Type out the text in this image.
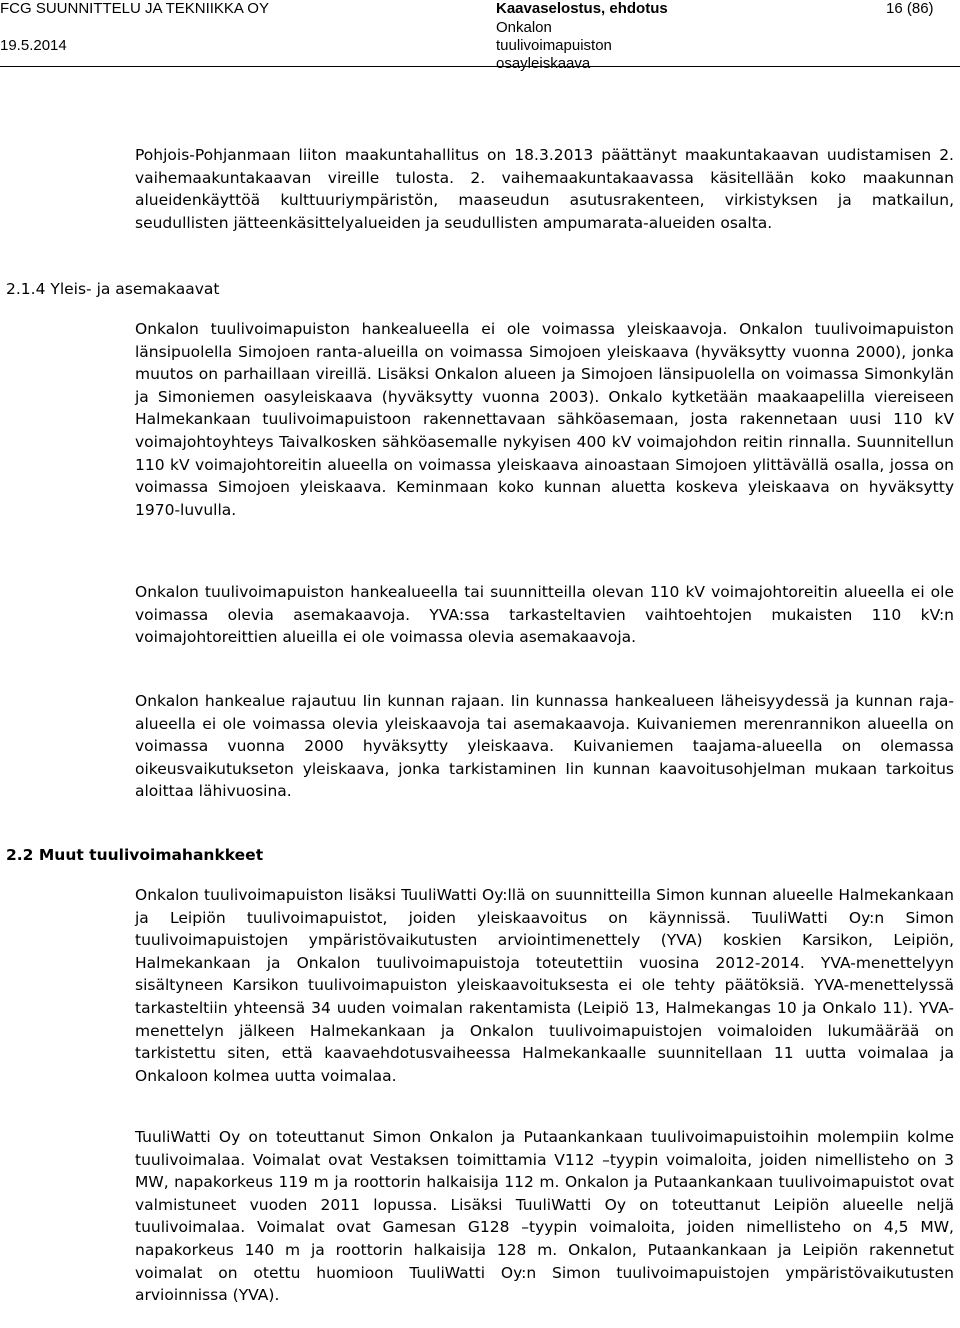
FCG SUUNNITTELU JA TEKNIIKKA OY
19.5.2014
Kaavaselostus, ehdotus
Onkalon
tuulivoimapuiston
osayleiskaava
16 (86)

Pohjois-Pohjanmaan liiton maakuntahallitus on 18.3.2013 päättänyt maakuntakaavan uudistamisen 2. vaihemaakuntakaavan vireille tulosta. 2. vaihemaakuntakaavassa käsitellään koko maakunnan alueidenkäyttöä kulttuuriympäristön, maaseudun asutusrakenteen, virkistyksen ja matkailun, seudullisten jätteenkäsittelyalueiden ja seudullisten ampumarata-alueiden osalta.

2.1.4 Yleis- ja asemakaavat

Onkalon tuulivoimapuiston hankealueella ei ole voimassa yleiskaavoja. Onkalon tuulivoimapuiston länsipuolella Simojoen ranta-alueilla on voimassa Simojoen yleiskaava (hyväksytty vuonna 2000), jonka muutos on parhaillaan vireillä. Lisäksi Onkalon alueen ja Simojoen länsipuolella on voimassa Simonkylän ja Simoniemen oasyleiskaava (hyväksytty vuonna 2003). Onkalo kytketään maakaapelilla viereiseen Halmekankaan tuulivoimapuistoon rakennettavaan sähköasemaan, josta rakennetaan uusi 110 kV voimajohtoyhteys Taivalkosken sähköasemalle nykyisen 400 kV voimajohdon reitin rinnalla. Suunnitellun 110 kV voimajohtoreitin alueella on voimassa yleiskaava ainoastaan Simojoen ylittävällä osalla, jossa on voimassa Simojoen yleiskaava. Keminmaan koko kunnan aluetta koskeva yleiskaava on hyväksytty 1970-luvulla.

Onkalon tuulivoimapuiston hankealueella tai suunnitteilla olevan 110 kV voimajohtoreitin alueella ei ole voimassa olevia asemakaavoja. YVA:ssa tarkasteltavien vaihtoehtojen mukaisten 110 kV:n voimajohtoreittien alueilla ei ole voimassa olevia asemakaavoja.

Onkalon hankealue rajautuu Iin kunnan rajaan. Iin kunnassa hankealueen läheisyydessä ja kunnan raja-alueella ei ole voimassa olevia yleiskaavoja tai asemakaavoja. Kuivaniemen merenrannikon alueella on voimassa vuonna 2000 hyväksytty yleiskaava. Kuivaniemen taajama-alueella on olemassa oikeusvaikutukseton yleiskaava, jonka tarkistaminen Iin kunnan kaavoitusohjelman mukaan tarkoitus aloittaa lähivuosina.

2.2 Muut tuulivoimahankkeet

Onkalon tuulivoimapuiston lisäksi TuuliWatti Oy:llä on suunnitteilla Simon kunnan alueelle Halmekankaan ja Leipiön tuulivoimapuistot, joiden yleiskaavoitus on käynnissä. TuuliWatti Oy:n Simon tuulivoimapuistojen ympäristövaikutusten arviointimenettely (YVA) koskien Karsikon, Leipiön, Halmekankaan ja Onkalon tuulivoimapuistoja toteutettiin vuosina 2012-2014. YVA-menettelyyn sisältyneen Karsikon tuulivoimapuiston yleiskaavoituksesta ei ole tehty päätöksiä. YVA-menettelyssä tarkasteltiin yhteensä 34 uuden voimalan rakentamista (Leipiö 13, Halmekangas 10 ja Onkalo 11). YVA-menettelyn jälkeen Halmekankaan ja Onkalon tuulivoimapuistojen voimaloiden lukumäärää on tarkistettu siten, että kaavaehdotusvaiheessa Halmekankaalle suunnitellaan 11 uutta voimalaa ja Onkaloon kolmea uutta voimalaa.

TuuliWatti Oy on toteuttanut Simon Onkalon ja Putaankankaan tuulivoimapuistoihin molempiin kolme tuulivoimalaa. Voimalat ovat Vestaksen toimittamia V112 –tyypin voimaloita, joiden nimellisteho on 3 MW, napakorkeus 119 m ja roottorin halkaisija 112 m. Onkalon ja Putaankankaan tuulivoimapuistot ovat valmistuneet vuoden 2011 lopussa. Lisäksi TuuliWatti Oy on toteuttanut Leipiön alueelle neljä tuulivoimalaa. Voimalat ovat Gamesan G128 –tyypin voimaloita, joiden nimellisteho on 4,5 MW, napakorkeus 140 m ja roottorin halkaisija 128 m. Onkalon, Putaankankaan ja Leipiön rakennetut voimalat on otettu huomioon TuuliWatti Oy:n Simon tuulivoimapuistojen ympäristövaikutusten arvioinnissa (YVA).
